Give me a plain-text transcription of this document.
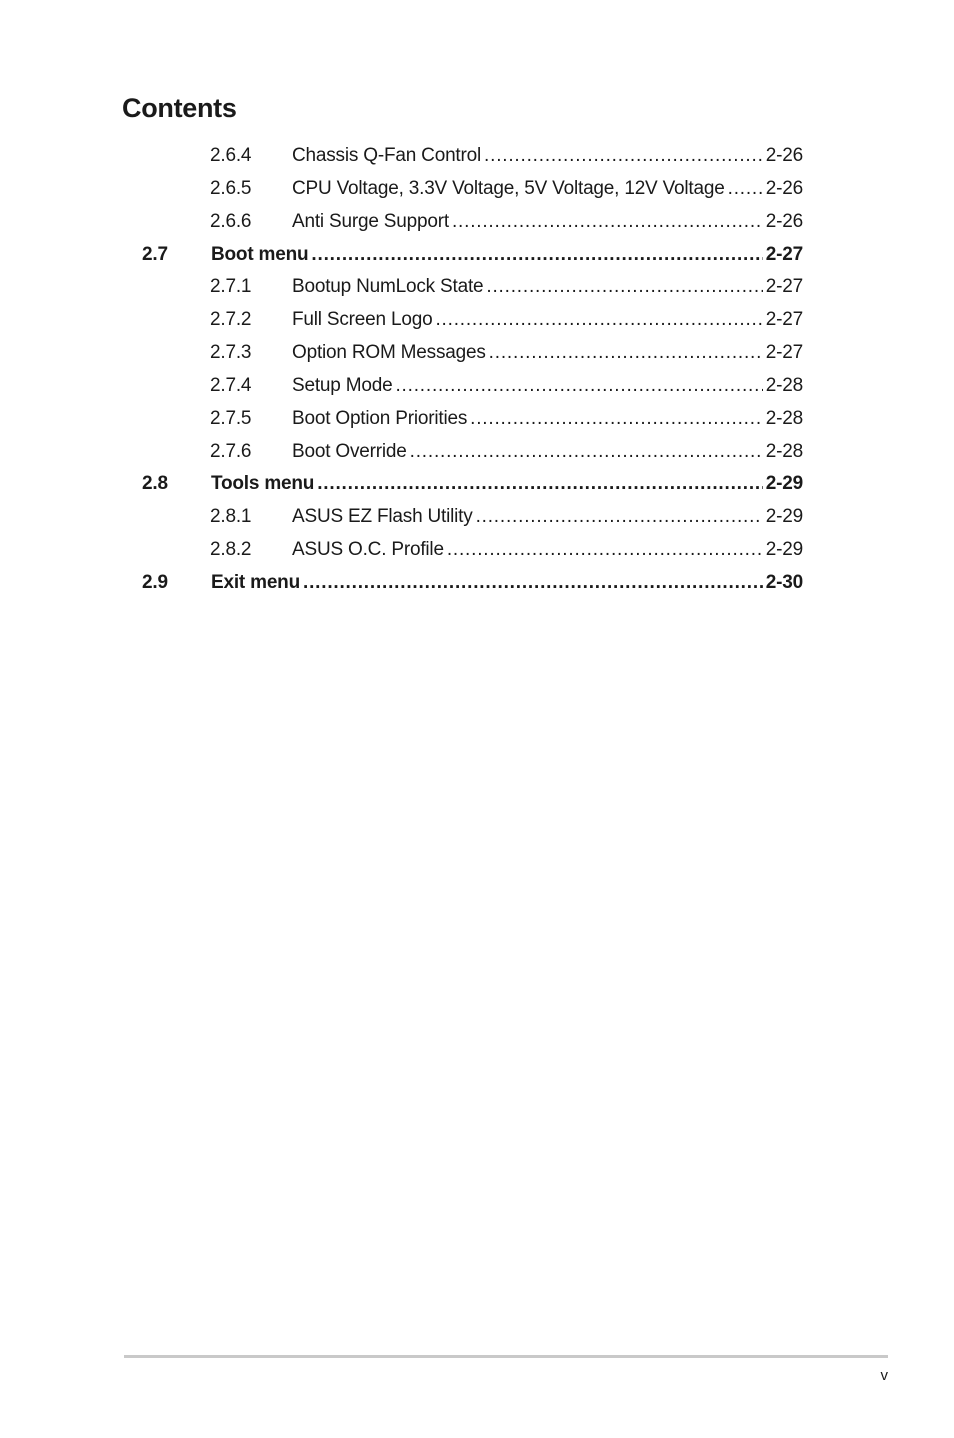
Contents
2.6.4 Chassis Q-Fan Control .....	2-26
2.6.5 CPU Voltage, 3.3V Voltage, 5V Voltage, 12V Voltage ..... 2-26
2.6.6 Anti Surge Support .....	2-26
2.7 Boot menu .....	2-27
2.7.1 Bootup NumLock State .....	2-27
2.7.2 Full Screen Logo .....	2-27
2.7.3 Option ROM Messages .....	2-27
2.7.4 Setup Mode .....	2-28
2.7.5 Boot Option Priorities .....	2-28
2.7.6 Boot Override .....	2-28
2.8 Tools menu .....	2-29
2.8.1 ASUS EZ Flash Utility .....	2-29
2.8.2 ASUS O.C. Profile .....	2-29
2.9 Exit menu .....	2-30
v
